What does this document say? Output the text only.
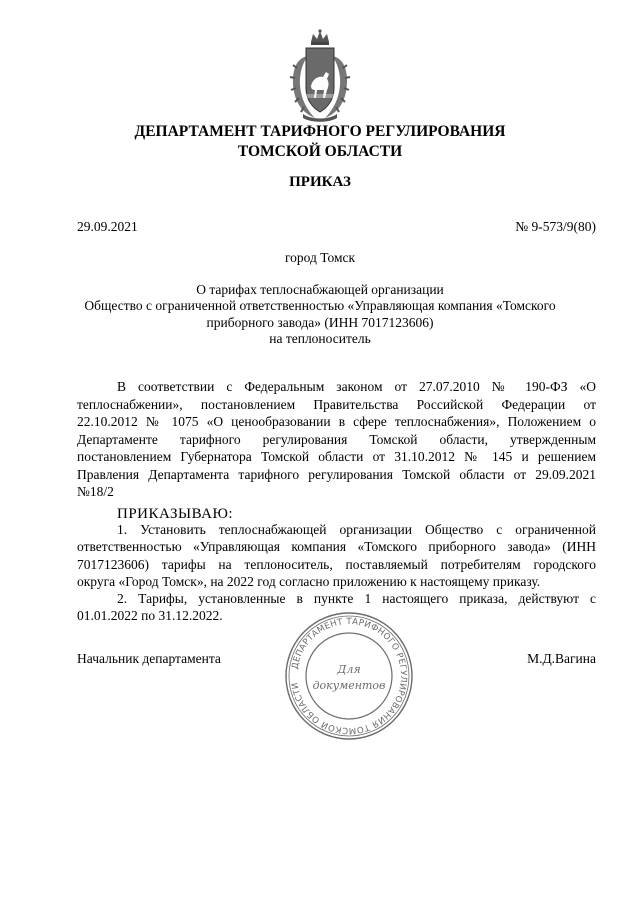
ДЕПАРТАМЕНТ ТАРИФНОГО РЕГУЛИРОВАНИЯ
ТОМСКОЙ ОБЛАСТИ
ПРИКАЗ
29.09.2021	№ 9-573/9(80)
город Томск
О тарифах теплоснабжающей организации
Общество с ограниченной ответственностью «Управляющая компания «Томского
приборного завода» (ИНН 7017123606)
на теплоноситель
В соответствии с Федеральным законом от 27.07.2010 № 190-ФЗ «О
теплоснабжении», постановлением Правительства Российской Федерации от
22.10.2012 № 1075 «О ценообразовании в сфере теплоснабжения», Положением о
Департаменте тарифного регулирования Томской области, утвержденным
постановлением Губернатора Томской области от 31.10.2012 № 145 и решением
Правления Департамента тарифного регулирования Томской области от 29.09.2021
№18/2
ПРИКАЗЫВАЮ:
1. Установить теплоснабжающей организации Общество с ограниченной
ответственностью «Управляющая компания «Томского приборного завода» (ИНН
7017123606) тарифы на теплоноситель, поставляемый потребителям городского
округа «Город Томск», на 2022 год согласно приложению к настоящему приказу.
2. Тарифы, установленные в пункте 1 настоящего приказа, действуют с
01.01.2022 по 31.12.2022.
Начальник департамента	М.Д.Вагина
ДЕПАРТАМЕНТ ТАРИФНОГО РЕГУЛИРОВАНИЯ ТОМСКОЙ ОБЛАСТИ
Для
документов
